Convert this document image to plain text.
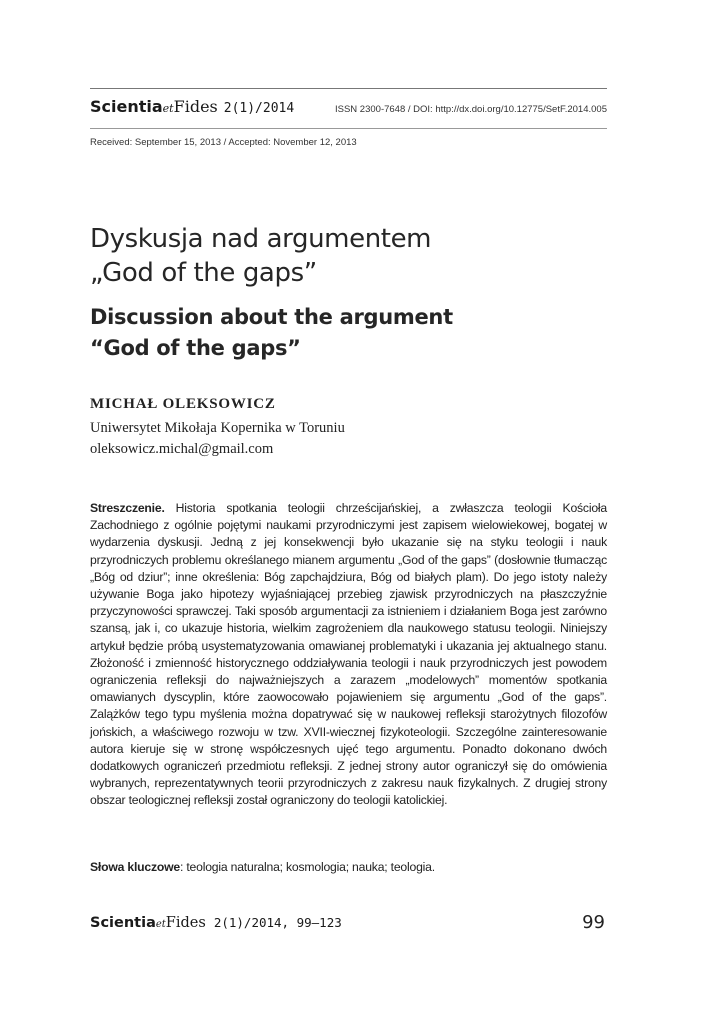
Scientia et Fides 2(1)/2014	ISSN 2300-7648 / DOI: http://dx.doi.org/10.12775/SetF.2014.005
Received: September 15, 2013 / Accepted: November 12, 2013
Dyskusja nad argumentem
„God of the gaps”
Discussion about the argument
“God of the gaps”
MICHAŁ OLEKSOWICZ
Uniwersytet Mikołaja Kopernika w Toruniu
oleksowicz.michal@gmail.com

Streszczenie. Historia spotkania teologii chrześcijańskiej, a zwłaszcza teologii Kościoła Zachodniego z ogólnie pojętymi naukami przyrodniczymi jest zapisem wielowiekowej, bogatej w wydarzenia dyskusji. Jedną z jej konsekwencji było ukazanie się na styku teologii i nauk przyrodniczych problemu określanego mianem argumentu „God of the gaps” (dosłownie tłumacząc „Bóg od dziur”; inne określenia: Bóg zapchajdziura, Bóg od białych plam). Do jego istoty należy używanie Boga jako hipotezy wyjaśniającej przebieg zjawisk przyrodniczych na płaszczyźnie przyczynowości sprawczej. Taki sposób argumentacji za istnieniem i działaniem Boga jest zarówno szansą, jak i, co ukazuje historia, wielkim zagrożeniem dla naukowego statusu teologii. Niniejszy artykuł będzie próbą usystematyzowania omawianej problematyki i ukazania jej aktualnego stanu. Złożoność i zmienność historycznego oddziaływania teologii i nauk przyrodniczych jest powodem ograniczenia refleksji do najważniejszych a zarazem „modelowych” momentów spotkania omawianych dyscyplin, które zaowocowało pojawieniem się argumentu „God of the gaps”. Zalążków tego typu myślenia można dopatrywać się w naukowej refleksji starożytnych filozofów jońskich, a właściwego rozwoju w tzw. XVII-wiecznej fizykoteologii. Szczególne zainteresowanie autora kieruje się w stronę współczesnych ujęć tego argumentu. Ponadto dokonano dwóch dodatkowych ograniczeń przedmiotu refleksji. Z jednej strony autor ograniczył się do omówienia wybranych, reprezentatywnych teorii przyrodniczych z zakresu nauk fizykalnych. Z drugiej strony obszar teologicznej refleksji został ograniczony do teologii katolickiej.

Słowa kluczowe: teologia naturalna; kosmologia; nauka; teologia.

Scientia et Fides 2(1)/2014, 99–123	99
